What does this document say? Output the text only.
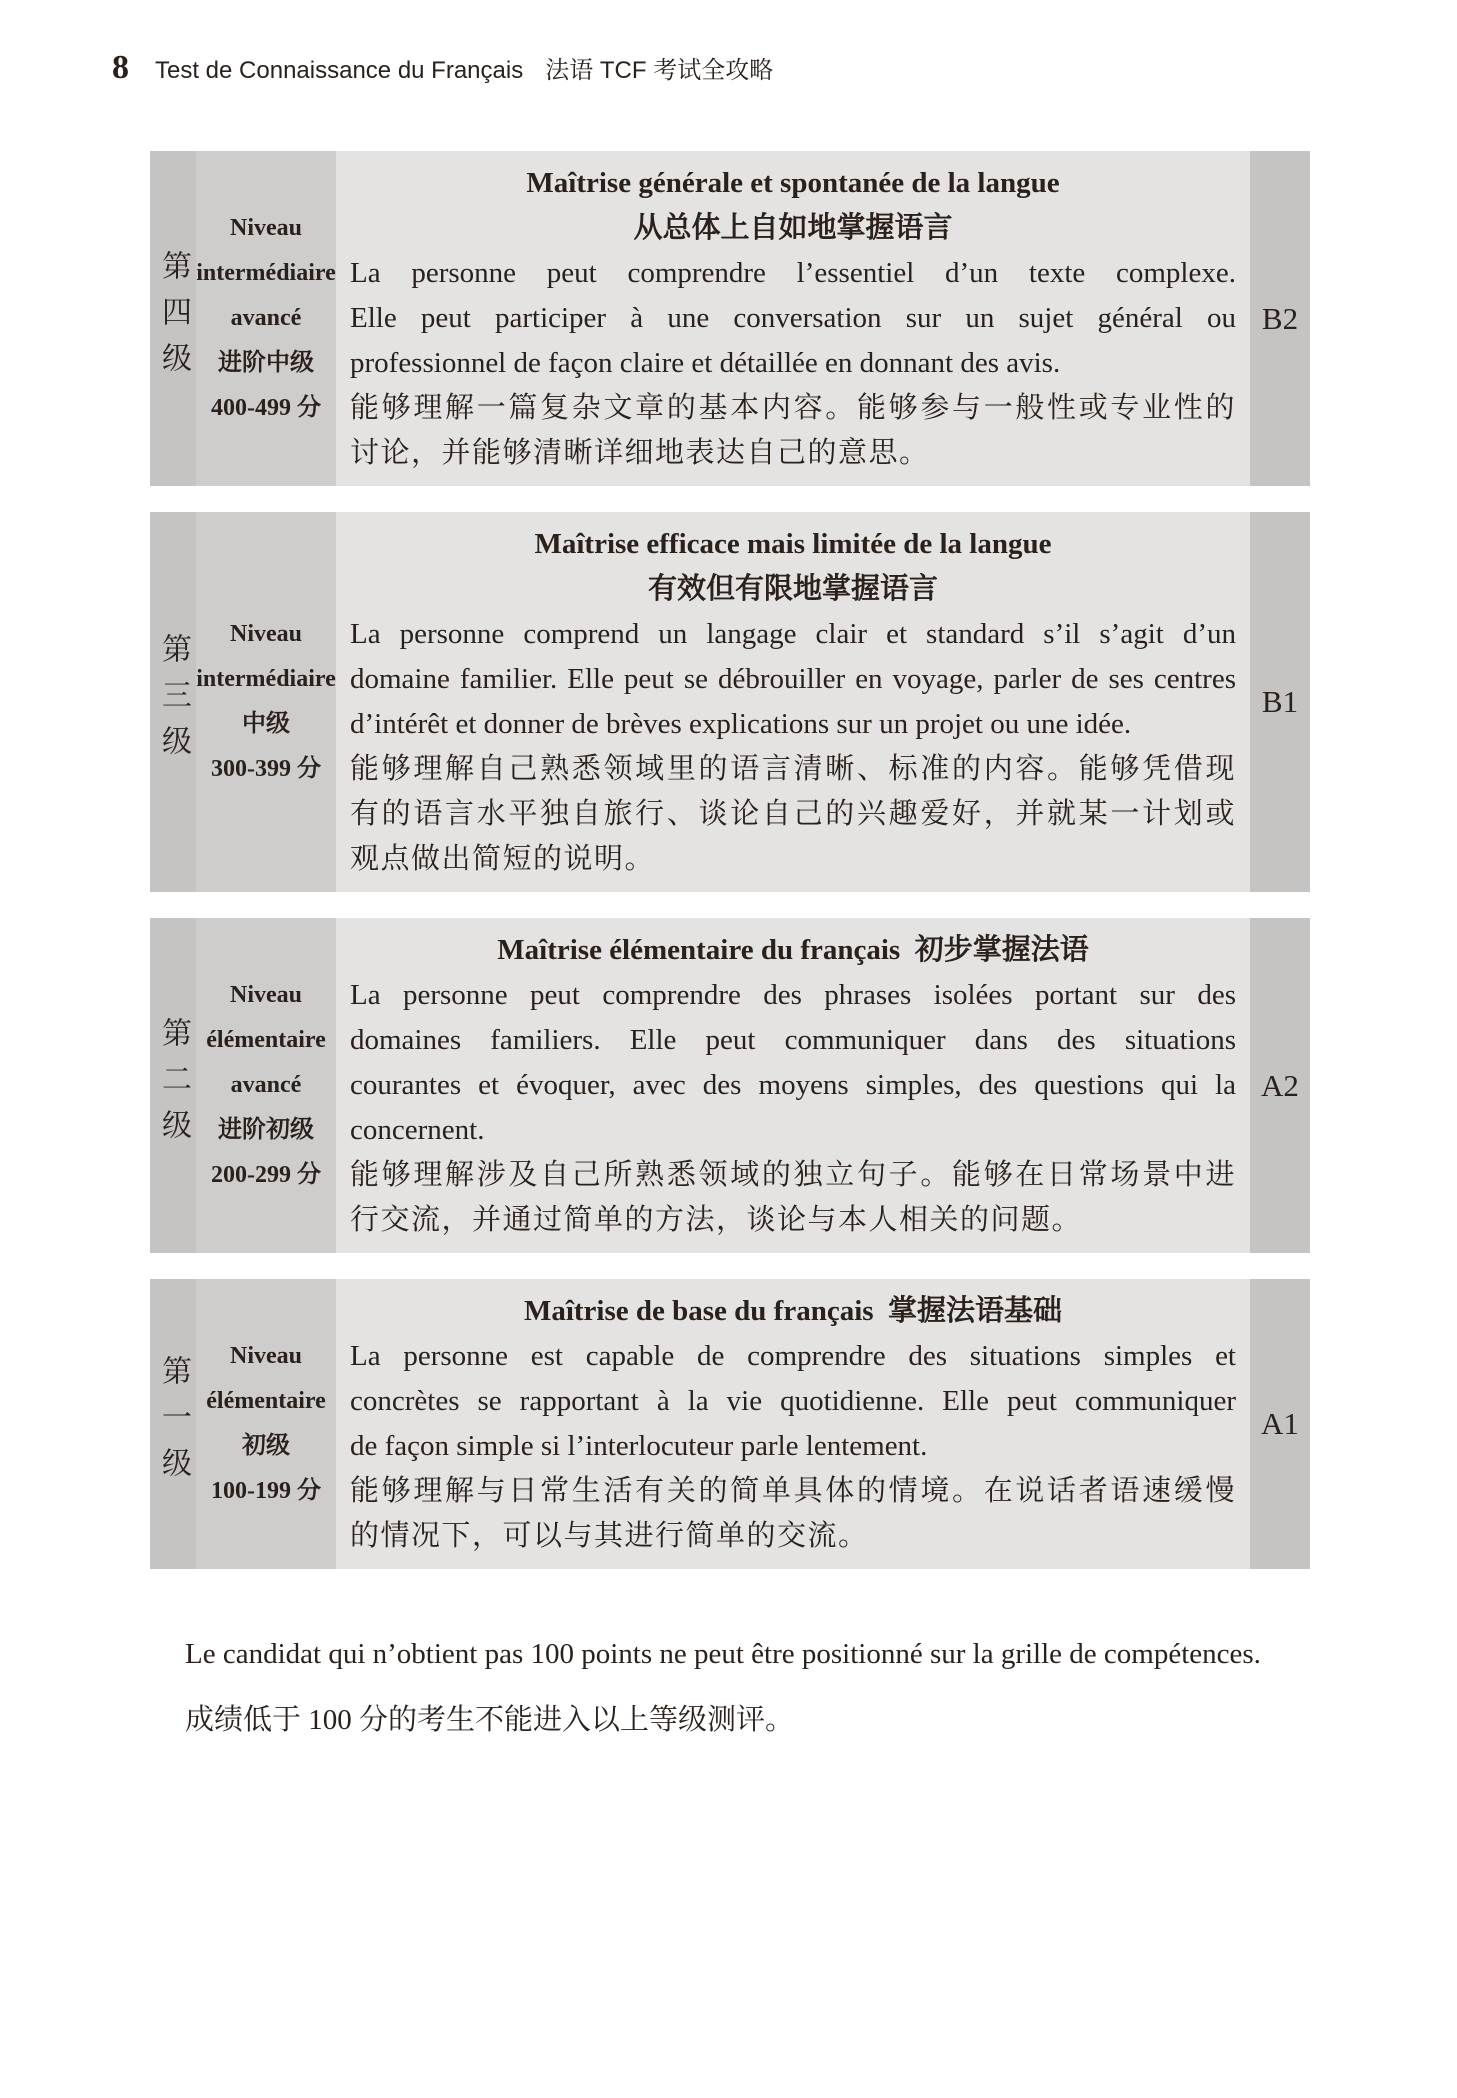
8 Test de Connaissance du Français 法语 TCF 考试全攻略
第四级
Niveau
intermédiaire
avancé
进阶中级
400-499 分
Maîtrise générale et spontanée de la langue
从总体上自如地掌握语言
La personne peut comprendre l’essentiel d’un texte complexe.
Elle peut participer à une conversation sur un sujet général ou
professionnel de façon claire et détaillée en donnant des avis.
能够理解一篇复杂文章的基本内容。能够参与一般性或专业性的
讨论，并能够清晰详细地表达自己的意思。
B2
第三级	Niveau
intermédiaire
中级
300-399 分
Maîtrise efficace mais limitée de la langue
有效但有限地掌握语言
La personne comprend un langage clair et standard s’il s’agit d’un
domaine familier. Elle peut se débrouiller en voyage, parler de ses centres
d’intérêt et donner de brèves explications sur un projet ou une idée.
能够理解自己熟悉领域里的语言清晰、标准的内容。能够凭借现
有的语言水平独自旅行、谈论自己的兴趣爱好，并就某一计划或
观点做出简短的说明。
B1
第二级
Niveau
élémentaire
avancé
进阶初级
200-299 分
Maîtrise élémentaire du français  初步掌握法语
La personne peut comprendre des phrases isolées portant sur des
domaines familiers. Elle peut communiquer dans des situations
courantes et évoquer, avec des moyens simples, des questions qui la
concernent.
能够理解涉及自己所熟悉领域的独立句子。能够在日常场景中进
行交流，并通过简单的方法，谈论与本人相关的问题。
A2
第一级	Niveau
élémentaire
初级
100-199 分
Maîtrise de base du français  掌握法语基础
La personne est capable de comprendre des situations simples et
concrètes se rapportant à la vie quotidienne. Elle peut communiquer
de façon simple si l’interlocuteur parle lentement.
能够理解与日常生活有关的简单具体的情境。在说话者语速缓慢
的情况下，可以与其进行简单的交流。
A1

Le candidat qui n’obtient pas 100 points ne peut être positionné sur la grille de compétences.

成绩低于 100 分的考生不能进入以上等级测评。
